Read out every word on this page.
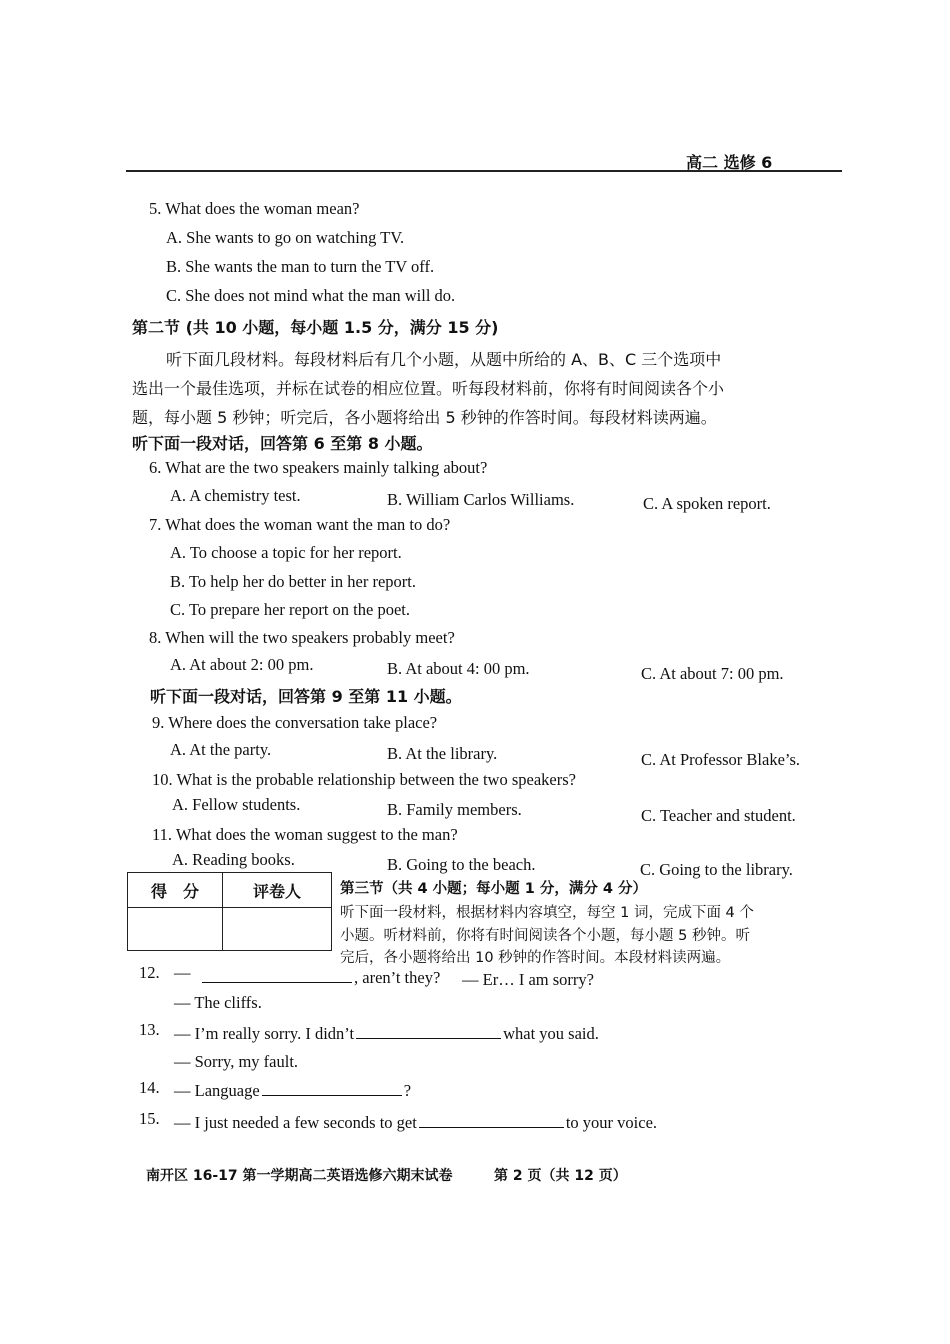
高二 选修 6
5. What does the woman mean?
A. She wants to go on watching TV.
B. She wants the man to turn the TV off.
C. She does not mind what the man will do.
第二节 (共 10 小题，每小题 1.5 分，满分 15 分)
听下面几段材料。每段材料后有几个小题，从题中所给的 A、B、C 三个选项中
选出一个最佳选项，并标在试卷的相应位置。听每段材料前，你将有时间阅读各个小
题，每小题 5 秒钟；听完后，各小题将给出 5 秒钟的作答时间。每段材料读两遍。
听下面一段对话，回答第 6 至第 8 小题。
6. What are the two speakers mainly talking about?
A. A chemistry test.	B. William Carlos Williams.	C. A spoken report.
7. What does the woman want the man to do?
A. To choose a topic for her report.
B. To help her do better in her report.
C. To prepare her report on the poet.
8. When will the two speakers probably meet?
A. At about 2: 00 pm.	B. At about 4: 00 pm.	C. At about 7: 00 pm.
听下面一段对话，回答第 9 至第 11 小题。
9. Where does the conversation take place?
A. At the party.	B. At the library.	C. At Professor Blake’s.
10. What is the probable relationship between the two speakers?
A. Fellow students.	B. Family members.	C. Teacher and student.
11. What does the woman suggest to the man?
A. Reading books.	B. Going to the beach.	C. Going to the library.
得　分	评卷人
		第三节（共 4 小题；每小题 1 分，满分 4 分）
听下面一段材料，根据材料内容填空，每空 1 词，完成下面 4 个
小题。听材料前，你将有时间阅读各个小题，每小题 5 秒钟。听
完后，各小题将给出 10 秒钟的作答时间。本段材料读两遍。
12. —	, aren’t they? — Er… I am sorry?
— The cliffs.
13. — I’m really sorry. I didn’t	what you said.
— Sorry, my fault.
14. — Language	?
15. — I just needed a few seconds to get	to your voice.
南开区 16-17 第一学期高二英语选修六期末试卷	第 2 页（共 12 页）
